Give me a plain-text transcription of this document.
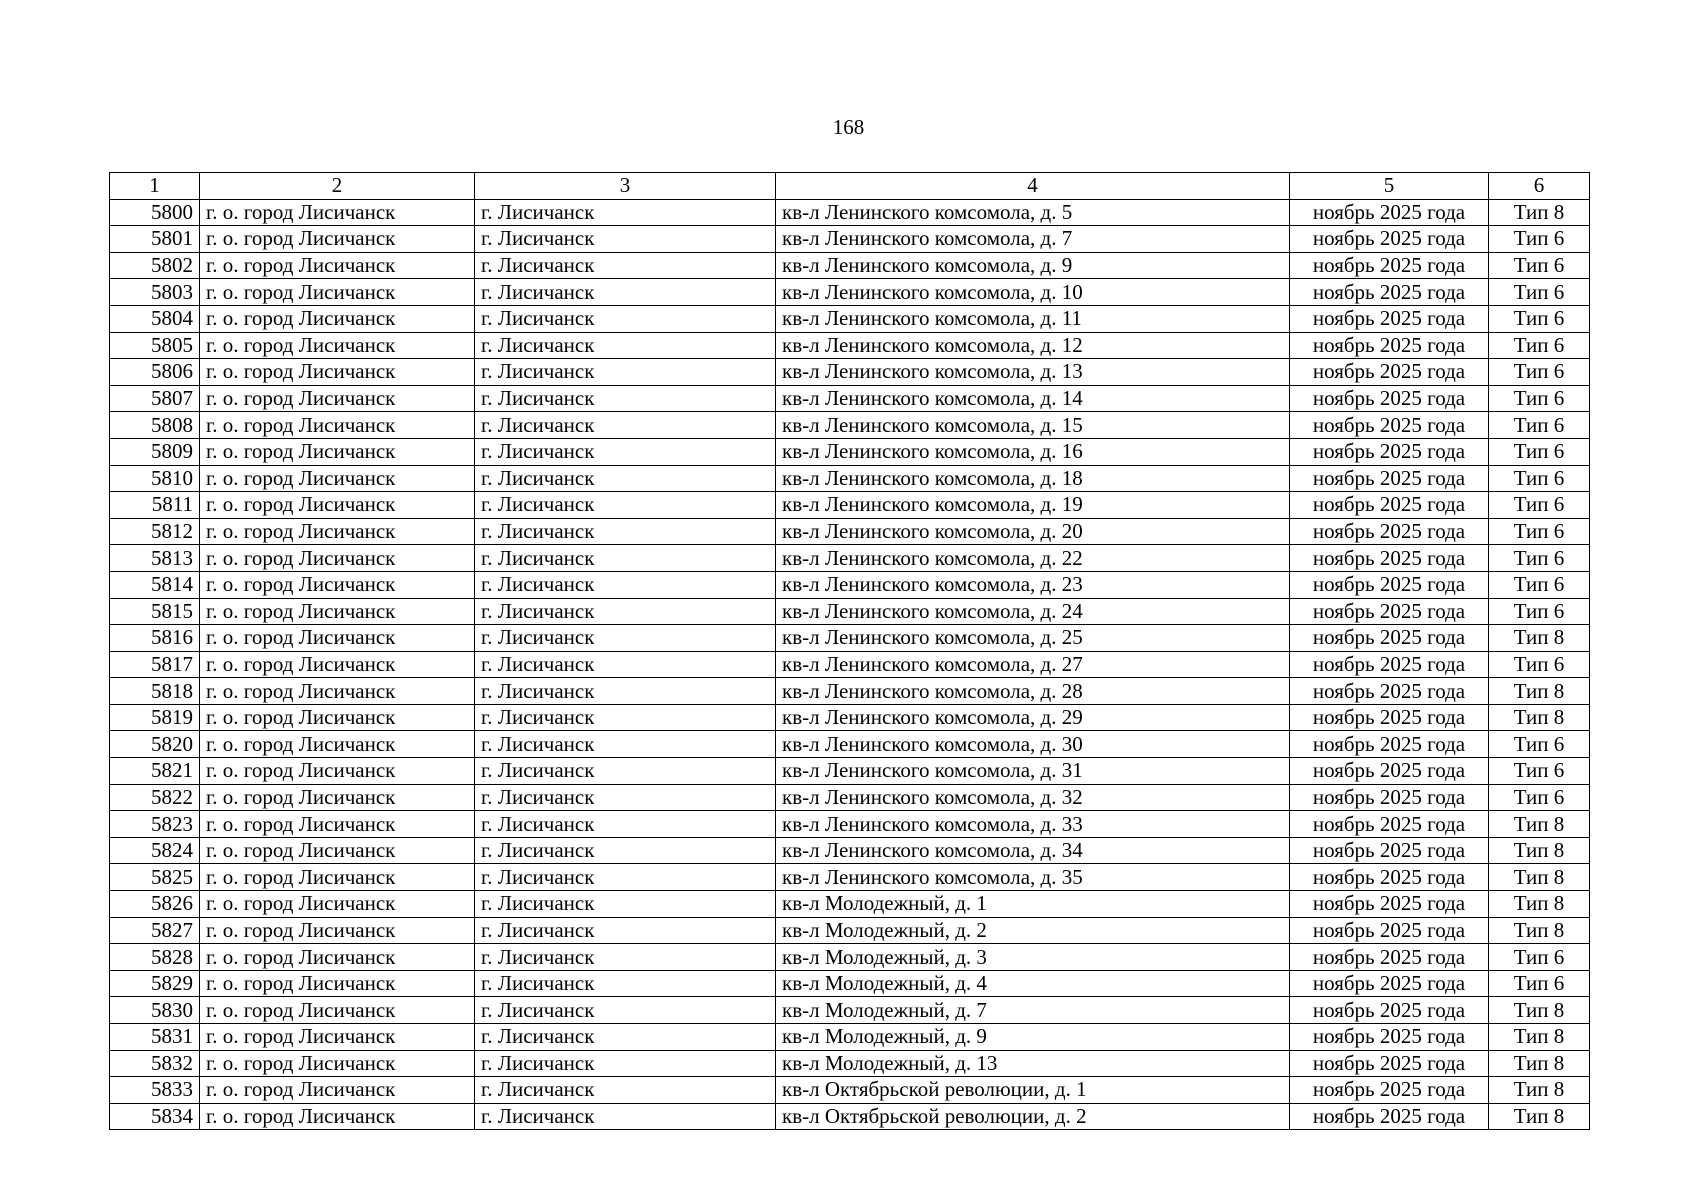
168
1	2	3	4	5	6
5800	г. о. город Лисичанск	г. Лисичанск	кв-л Ленинского комсомола, д. 5	ноябрь 2025 года	Тип 8
5801	г. о. город Лисичанск	г. Лисичанск	кв-л Ленинского комсомола, д. 7	ноябрь 2025 года	Тип 6
5802	г. о. город Лисичанск	г. Лисичанск	кв-л Ленинского комсомола, д. 9	ноябрь 2025 года	Тип 6
5803	г. о. город Лисичанск	г. Лисичанск	кв-л Ленинского комсомола, д. 10	ноябрь 2025 года	Тип 6
5804	г. о. город Лисичанск	г. Лисичанск	кв-л Ленинского комсомола, д. 11	ноябрь 2025 года	Тип 6
5805	г. о. город Лисичанск	г. Лисичанск	кв-л Ленинского комсомола, д. 12	ноябрь 2025 года	Тип 6
5806	г. о. город Лисичанск	г. Лисичанск	кв-л Ленинского комсомола, д. 13	ноябрь 2025 года	Тип 6
5807	г. о. город Лисичанск	г. Лисичанск	кв-л Ленинского комсомола, д. 14	ноябрь 2025 года	Тип 6
5808	г. о. город Лисичанск	г. Лисичанск	кв-л Ленинского комсомола, д. 15	ноябрь 2025 года	Тип 6
5809	г. о. город Лисичанск	г. Лисичанск	кв-л Ленинского комсомола, д. 16	ноябрь 2025 года	Тип 6
5810	г. о. город Лисичанск	г. Лисичанск	кв-л Ленинского комсомола, д. 18	ноябрь 2025 года	Тип 6
5811	г. о. город Лисичанск	г. Лисичанск	кв-л Ленинского комсомола, д. 19	ноябрь 2025 года	Тип 6
5812	г. о. город Лисичанск	г. Лисичанск	кв-л Ленинского комсомола, д. 20	ноябрь 2025 года	Тип 6
5813	г. о. город Лисичанск	г. Лисичанск	кв-л Ленинского комсомола, д. 22	ноябрь 2025 года	Тип 6
5814	г. о. город Лисичанск	г. Лисичанск	кв-л Ленинского комсомола, д. 23	ноябрь 2025 года	Тип 6
5815	г. о. город Лисичанск	г. Лисичанск	кв-л Ленинского комсомола, д. 24	ноябрь 2025 года	Тип 6
5816	г. о. город Лисичанск	г. Лисичанск	кв-л Ленинского комсомола, д. 25	ноябрь 2025 года	Тип 8
5817	г. о. город Лисичанск	г. Лисичанск	кв-л Ленинского комсомола, д. 27	ноябрь 2025 года	Тип 6
5818	г. о. город Лисичанск	г. Лисичанск	кв-л Ленинского комсомола, д. 28	ноябрь 2025 года	Тип 8
5819	г. о. город Лисичанск	г. Лисичанск	кв-л Ленинского комсомола, д. 29	ноябрь 2025 года	Тип 8
5820	г. о. город Лисичанск	г. Лисичанск	кв-л Ленинского комсомола, д. 30	ноябрь 2025 года	Тип 6
5821	г. о. город Лисичанск	г. Лисичанск	кв-л Ленинского комсомола, д. 31	ноябрь 2025 года	Тип 6
5822	г. о. город Лисичанск	г. Лисичанск	кв-л Ленинского комсомола, д. 32	ноябрь 2025 года	Тип 6
5823	г. о. город Лисичанск	г. Лисичанск	кв-л Ленинского комсомола, д. 33	ноябрь 2025 года	Тип 8
5824	г. о. город Лисичанск	г. Лисичанск	кв-л Ленинского комсомола, д. 34	ноябрь 2025 года	Тип 8
5825	г. о. город Лисичанск	г. Лисичанск	кв-л Ленинского комсомола, д. 35	ноябрь 2025 года	Тип 8
5826	г. о. город Лисичанск	г. Лисичанск	кв-л Молодежный, д. 1	ноябрь 2025 года	Тип 8
5827	г. о. город Лисичанск	г. Лисичанск	кв-л Молодежный, д. 2	ноябрь 2025 года	Тип 8
5828	г. о. город Лисичанск	г. Лисичанск	кв-л Молодежный, д. 3	ноябрь 2025 года	Тип 6
5829	г. о. город Лисичанск	г. Лисичанск	кв-л Молодежный, д. 4	ноябрь 2025 года	Тип 6
5830	г. о. город Лисичанск	г. Лисичанск	кв-л Молодежный, д. 7	ноябрь 2025 года	Тип 8
5831	г. о. город Лисичанск	г. Лисичанск	кв-л Молодежный, д. 9	ноябрь 2025 года	Тип 8
5832	г. о. город Лисичанск	г. Лисичанск	кв-л Молодежный, д. 13	ноябрь 2025 года	Тип 8
5833	г. о. город Лисичанск	г. Лисичанск	кв-л Октябрьской революции, д. 1	ноябрь 2025 года	Тип 8
5834	г. о. город Лисичанск	г. Лисичанск	кв-л Октябрьской революции, д. 2	ноябрь 2025 года	Тип 8
